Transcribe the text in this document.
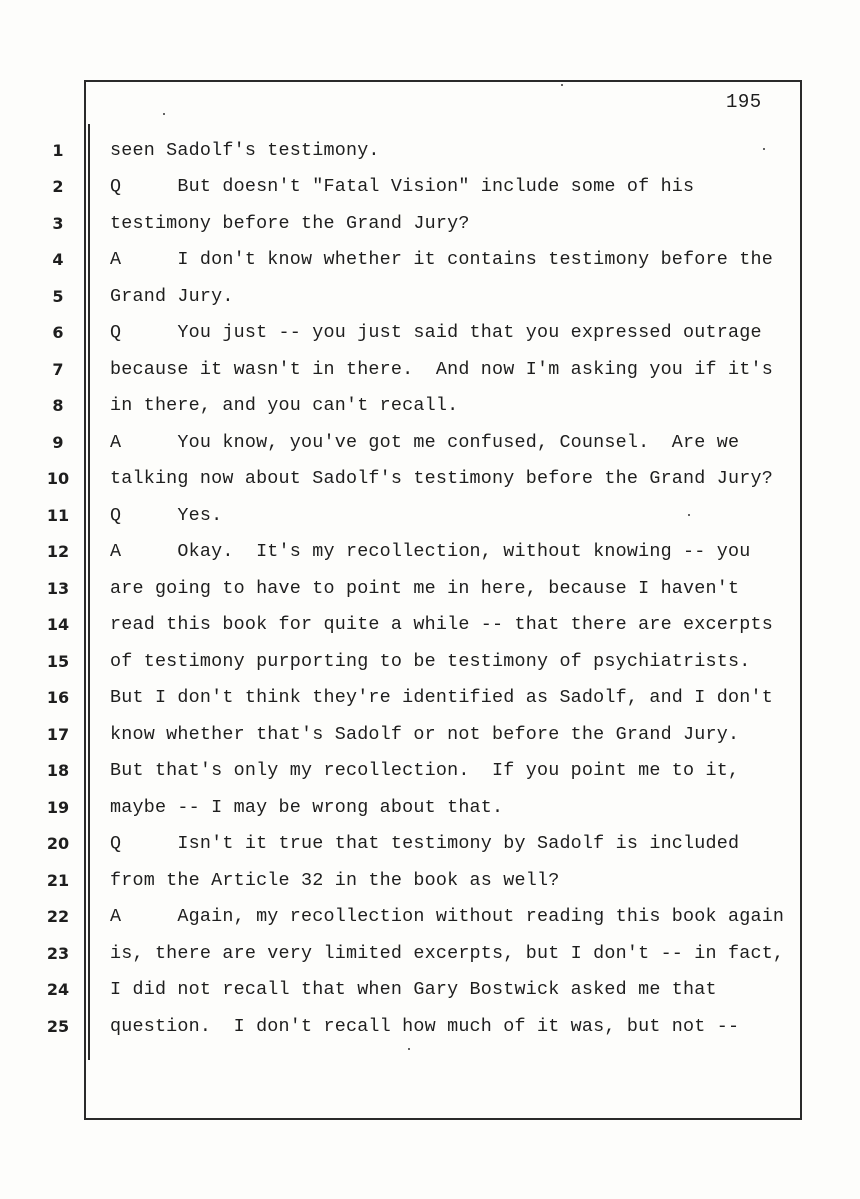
195
1	seen Sadolf's testimony.
2	Q     But doesn't "Fatal Vision" include some of his
3	testimony before the Grand Jury?
4	A     I don't know whether it contains testimony before the
5	Grand Jury.
6	Q     You just -- you just said that you expressed outrage
7	because it wasn't in there.  And now I'm asking you if it's
8	in there, and you can't recall.
9	A     You know, you've got me confused, Counsel.  Are we
10	talking now about Sadolf's testimony before the Grand Jury?
11	Q     Yes.
12	A     Okay.  It's my recollection, without knowing -- you
13	are going to have to point me in here, because I haven't
14	read this book for quite a while -- that there are excerpts
15	of testimony purporting to be testimony of psychiatrists.
16	But I don't think they're identified as Sadolf, and I don't
17	know whether that's Sadolf or not before the Grand Jury.
18	But that's only my recollection.  If you point me to it,
19	maybe -- I may be wrong about that.
20	Q     Isn't it true that testimony by Sadolf is included
21	from the Article 32 in the book as well?
22	A     Again, my recollection without reading this book again
23	is, there are very limited excerpts, but I don't -- in fact,
24	I did not recall that when Gary Bostwick asked me that
25	question.  I don't recall how much of it was, but not --
